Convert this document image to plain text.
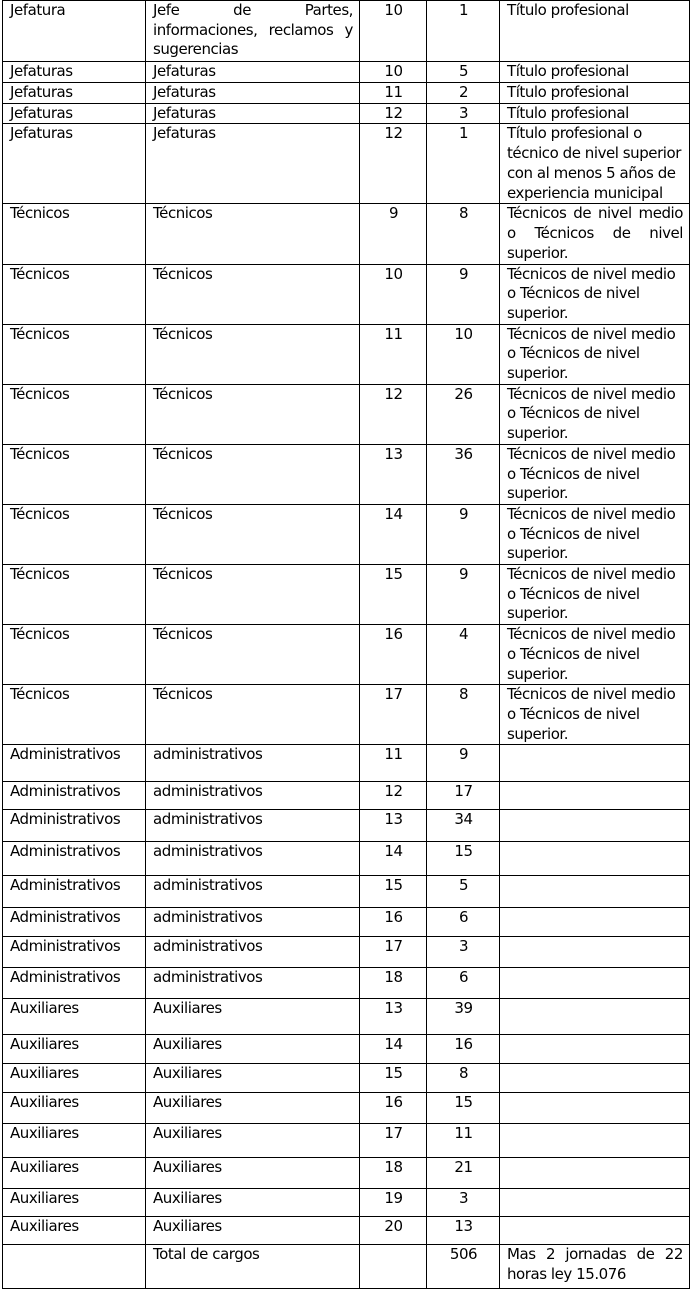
Jefatura	Jefe de Partes, informaciones, reclamos y sugerencias	10	1	Título profesional
Jefaturas	Jefaturas	10	5	Título profesional
Jefaturas	Jefaturas	11	2	Título profesional
Jefaturas	Jefaturas	12	3	Título profesional
Jefaturas	Jefaturas	12	1	Título profesional o técnico de nivel superior con al menos 5 años de experiencia municipal
Técnicos	Técnicos	9	8	Técnicos de nivel medio o Técnicos de nivel superior.
Técnicos	Técnicos	10	9	Técnicos de nivel medio o Técnicos de nivel superior.
Técnicos	Técnicos	11	10	Técnicos de nivel medio o Técnicos de nivel superior.
Técnicos	Técnicos	12	26	Técnicos de nivel medio o Técnicos de nivel superior.
Técnicos	Técnicos	13	36	Técnicos de nivel medio o Técnicos de nivel superior.
Técnicos	Técnicos	14	9	Técnicos de nivel medio o Técnicos de nivel superior.
Técnicos	Técnicos	15	9	Técnicos de nivel medio o Técnicos de nivel superior.
Técnicos	Técnicos	16	4	Técnicos de nivel medio o Técnicos de nivel superior.
Técnicos	Técnicos	17	8	Técnicos de nivel medio o Técnicos de nivel superior.
Administrativos	administrativos	11	9	
Administrativos	administrativos	12	17	
Administrativos	administrativos	13	34	
Administrativos	administrativos	14	15	
Administrativos	administrativos	15	5	
Administrativos	administrativos	16	6	
Administrativos	administrativos	17	3	
Administrativos	administrativos	18	6	
Auxiliares	Auxiliares	13	39	
Auxiliares	Auxiliares	14	16	
Auxiliares	Auxiliares	15	8	
Auxiliares	Auxiliares	16	15	
Auxiliares	Auxiliares	17	11	
Auxiliares	Auxiliares	18	21	
Auxiliares	Auxiliares	19	3	
Auxiliares	Auxiliares	20	13	
	Total de cargos		506	Mas 2 jornadas de 22 horas ley 15.076
